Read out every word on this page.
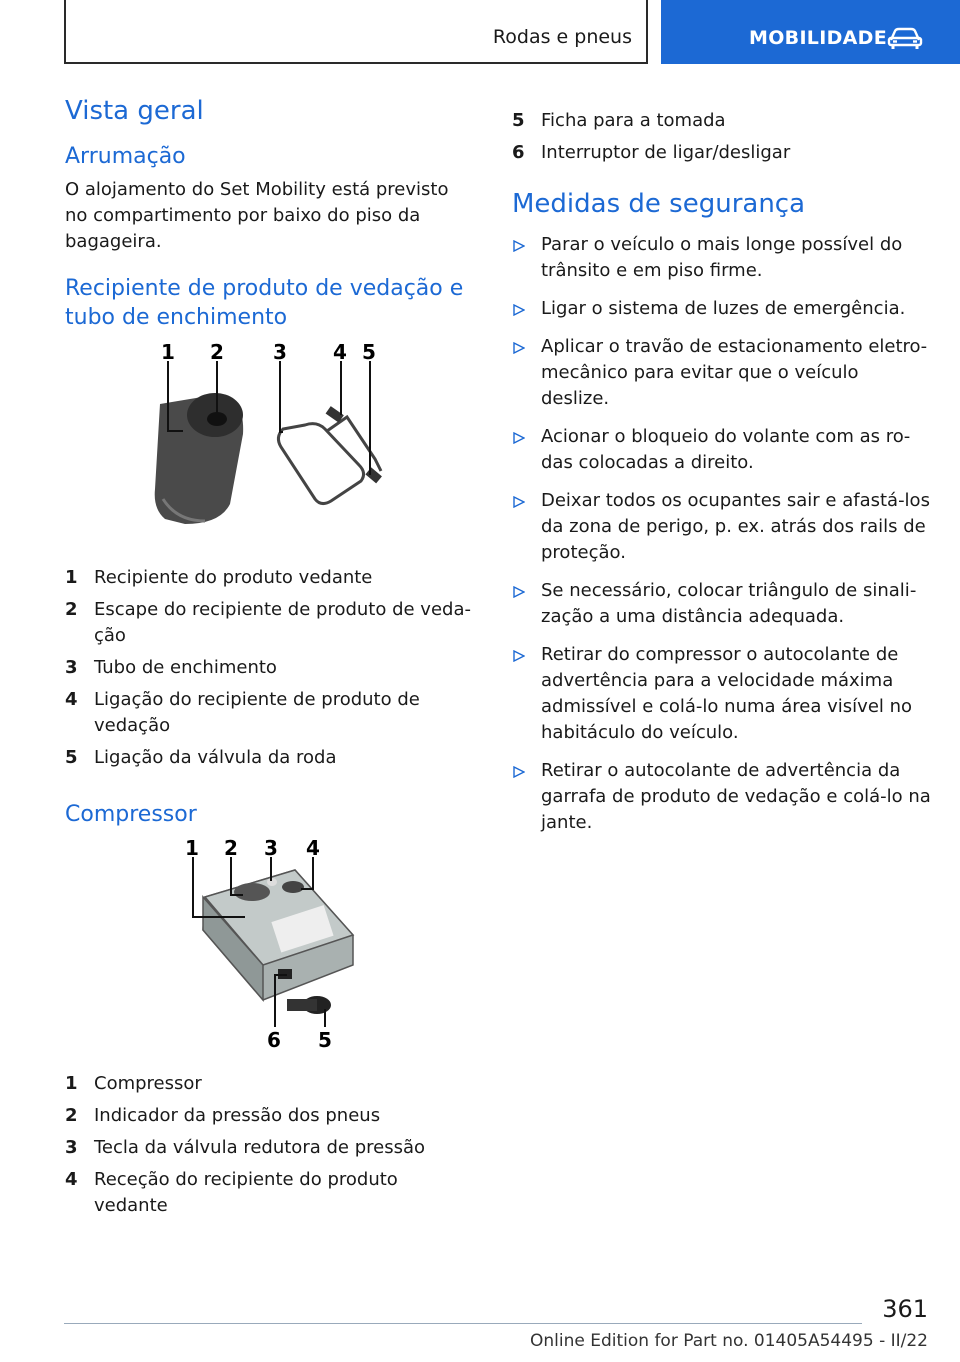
Rodas e pneus	MOBILIDADE
Vista geral
Arrumação

O alojamento do Set Mobility está previsto no compartimento por baixo do piso da bagageira.

Recipiente de produto de vedação e tubo de enchimento
1 2 3 4 5
1 Recipiente do produto vedante
2 Escape do recipiente de produto de vedação
3 Tubo de enchimento
4 Ligação do recipiente de produto de vedação
5 Ligação da válvula da roda
Compressor
1 2 3 4
6 5
1 Compressor
2 Indicador da pressão dos pneus
3 Tecla da válvula redutora de pressão
4 Receção do recipiente do produto vedante
5 Ficha para a tomada
6 Interruptor de ligar/desligar
Medidas de segurança
Parar o veículo o mais longe possível do trânsito e em piso firme.
Ligar o sistema de luzes de emergência.
Aplicar o travão de estacionamento eletromecânico para evitar que o veículo deslize.
Acionar o bloqueio do volante com as rodas colocadas a direito.
Deixar todos os ocupantes sair e afastá-los da zona de perigo, p. ex. atrás dos rails de proteção.
Se necessário, colocar triângulo de sinalização a uma distância adequada.
Retirar do compressor o autocolante de advertência para a velocidade máxima admissível e colá-lo numa área visível no habitáculo do veículo.
Retirar o autocolante de advertência da garrafa de produto de vedação e colá-lo na jante.
361
Online Edition for Part no. 01405A54495 - II/22
